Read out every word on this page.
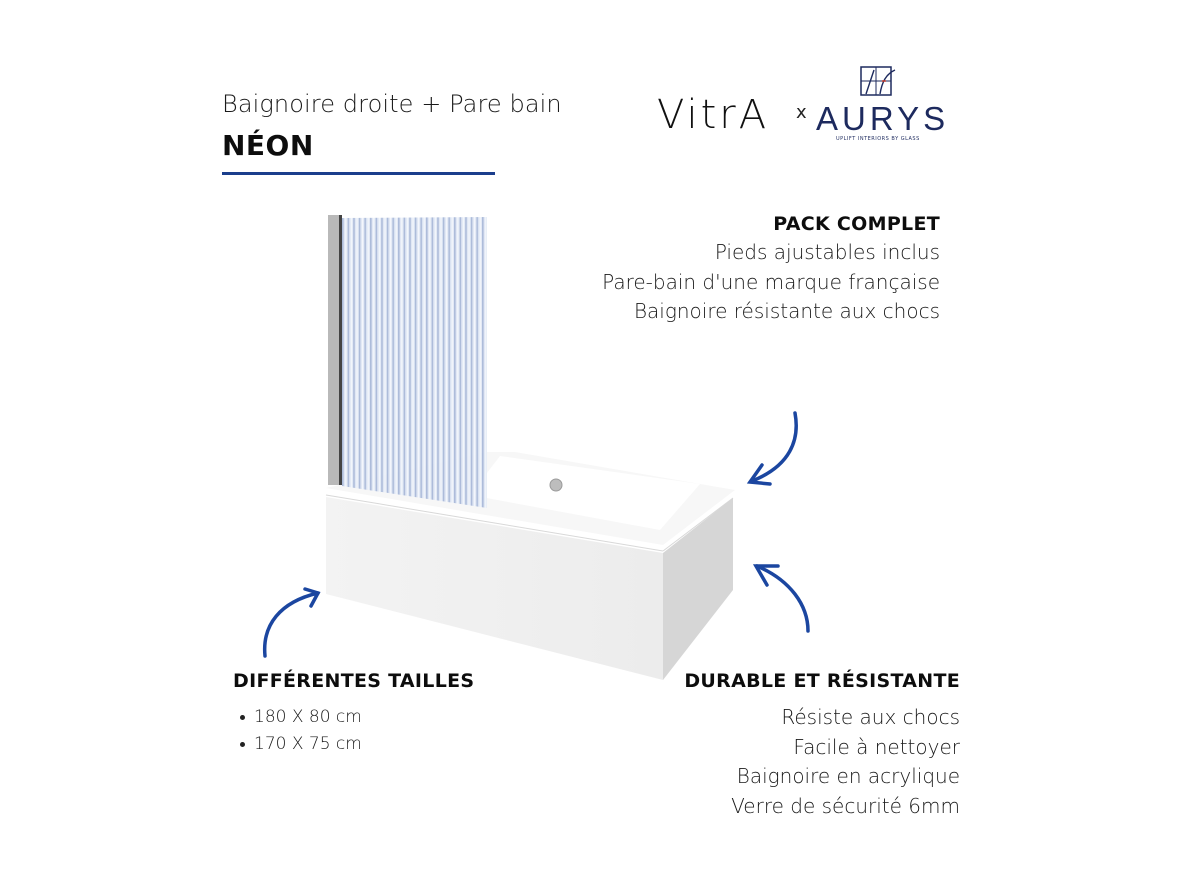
Baignoire droite + Pare bain
NÉON
VitrA x AURYS
UPLIFT INTERIORS BY GLASS
PACK COMPLET
Pieds ajustables inclus
Pare-bain d'une marque française
Baignoire résistante aux chocs
DIFFÉRENTES TAILLES
180 X 80 cm
170 X 75 cm
DURABLE ET RÉSISTANTE
Résiste aux chocs
Facile à nettoyer
Baignoire en acrylique
Verre de sécurité 6mm
